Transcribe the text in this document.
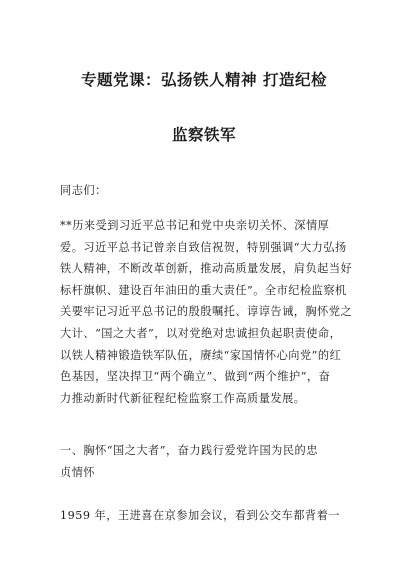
专题党课：弘扬铁人精神 打造纪检
监察铁军
同志们：
**历来受到习近平总书记和党中央亲切关怀、深情厚
爱。习近平总书记曾亲自致信祝贺，特别强调“大力弘扬
铁人精神，不断改革创新，推动高质量发展，肩负起当好
标杆旗帜、建设百年油田的重大责任”。全市纪检监察机
关要牢记习近平总书记的殷殷嘱托、谆谆告诫，胸怀党之
大计、“国之大者”，以对党绝对忠诚担负起职责使命，
以铁人精神锻造铁军队伍，赓续“家国情怀心向党”的红
色基因，坚决捍卫“两个确立”、做到“两个维护”，奋
力推动新时代新征程纪检监察工作高质量发展。
一、胸怀“国之大者”，奋力践行爱党许国为民的忠
贞情怀
1959 年，王进喜在京参加会议，看到公交车都背着一
